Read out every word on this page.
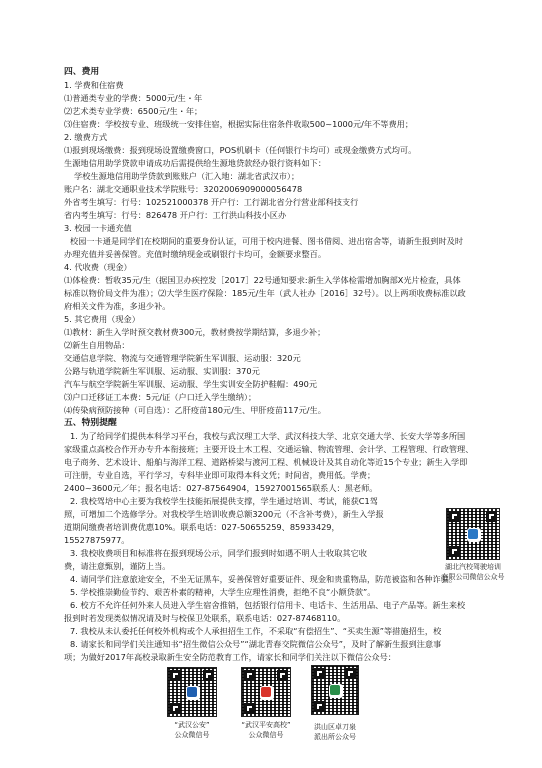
四、费用
1. 学费和住宿费
⑴普通类专业的学费：5000元/生・年
⑵艺术类专业学费：6500元/生・年；
⑶住宿费：学校按专业、班级统一安排住宿，根据实际住宿条件收取500~1000元/年不等费用；
2. 缴费方式
⑴报到现场缴费：报到现场设置缴费窗口，POS机刷卡（任何银行卡均可）或现金缴费方式均可。
生源地信用助学贷款申请成功后需提供给生源地贷款经办银行资料如下：
学校生源地信用助学贷款到账账户（汇入地：湖北省武汉市）；
账户名：湖北交通职业技术学院账号：3202006909000056478
外省考生填写：行号：102521000378 开户行：工行湖北省分行营业部科技支行
省内考生填写：行号：826478 开户行：工行洪山科技小区办
3. 校园一卡通充值
校园一卡通是同学们在校期间的重要身份认证，可用于校内进餐、图书借阅、进出宿舍等，请新生报到时及时
办理充值并妥善保管。充值时缴纳现金或刷银行卡均可，金额要求整百。
4. 代收费（现金）
⑴体检费：暂收35元/生（据国卫办疾控发［2017］22号通知要求:新生入学体检需增加胸部X光片检查，具体
标准以物价局文件为准）；⑵大学生医疗保险：185元/生年（武人社办［2016］32号）。以上两项收费标准以政
府相关文件为准，多退少补。
5. 其它费用（现金）
⑴教材：新生入学时预交教材费300元，教材费按学期结算，多退少补；
⑵新生自用物品：
交通信息学院、物流与交通管理学院新生军训服、运动服：320元
公路与轨道学院新生军训服、运动服、实训服：370元
汽车与航空学院新生军训服、运动服、学生实训安全防护鞋帽：490元
⑶户口迁移证工本费：5元/证（户口迁入学生缴纳）；
⑷传染病预防接种（可自选）：乙肝疫苗180元/生、甲肝疫苗117元/生。
五、特别提醒
1. 为了给同学们提供本科学习平台，我校与武汉理工大学、武汉科技大学、北京交通大学、长安大学等多所国
家级重点高校合作开办专升本衔接班；主要开设土木工程、交通运输、物流管理、会计学、工程管理、行政管理、
电子商务、艺术设计、船舶与海洋工程、道路桥梁与渡河工程、机械设计及其自动化等近15个专业；新生入学即
可注册，专业自选，平行学习，专科毕业即可取得本科文凭；时间省，费用低。学费；
2400~3600元／年；报名电话：027-87564904，15927001565联系人：黑老师。
2. 我校驾培中心主要为我校学生技能拓展提供支撑，学生通过培训、考试，能获C1驾
照，可增加二个选修学分。对我校学生培训收费总额3200元（不含补考费），新生入学报
道期间缴费者培训费优惠10%。联系电话：027-50655259、85933429，
15527875977。
3. 我校收费项目和标准将在报到现场公示，同学们报到时如遇不明人士收取其它收
费，请注意甄别，谨防上当。
4. 请同学们注意旅途安全，不坐无证黑车，妥善保管好重要证件、现金和贵重物品，防范被盗和各种诈骗。
5. 学校推崇勤俭节约、艰苦朴素的精神，大学生应理性消费，拒绝不良“小额贷款”。
6. 校方不允许任何外来人员进入学生宿舍推销，包括银行信用卡、电话卡、生活用品、电子产品等。新生来校
报到时若发现类似情况请及时与校保卫处联系，联系电话：027-87468110。
7. 我校从未认委托任何校外机构或个人承担招生工作，不采取“有偿招生”、“买卖生源”等措施招生，校
8. 请家长和同学们关注通知书“招生微信公众号”“湖北青春交院微信公众号”，及时了解新生报到注意事
项；为做好2017年高校录取新生安全防范教育工作，请家长和同学们关注以下微信公众号：
湖北汽校驾驶培训
有限公司微信公众号
“武汉公安”
公众微信号
“武汉平安高校”
公众微信号
洪山区卓刀泉
派出所公众号
